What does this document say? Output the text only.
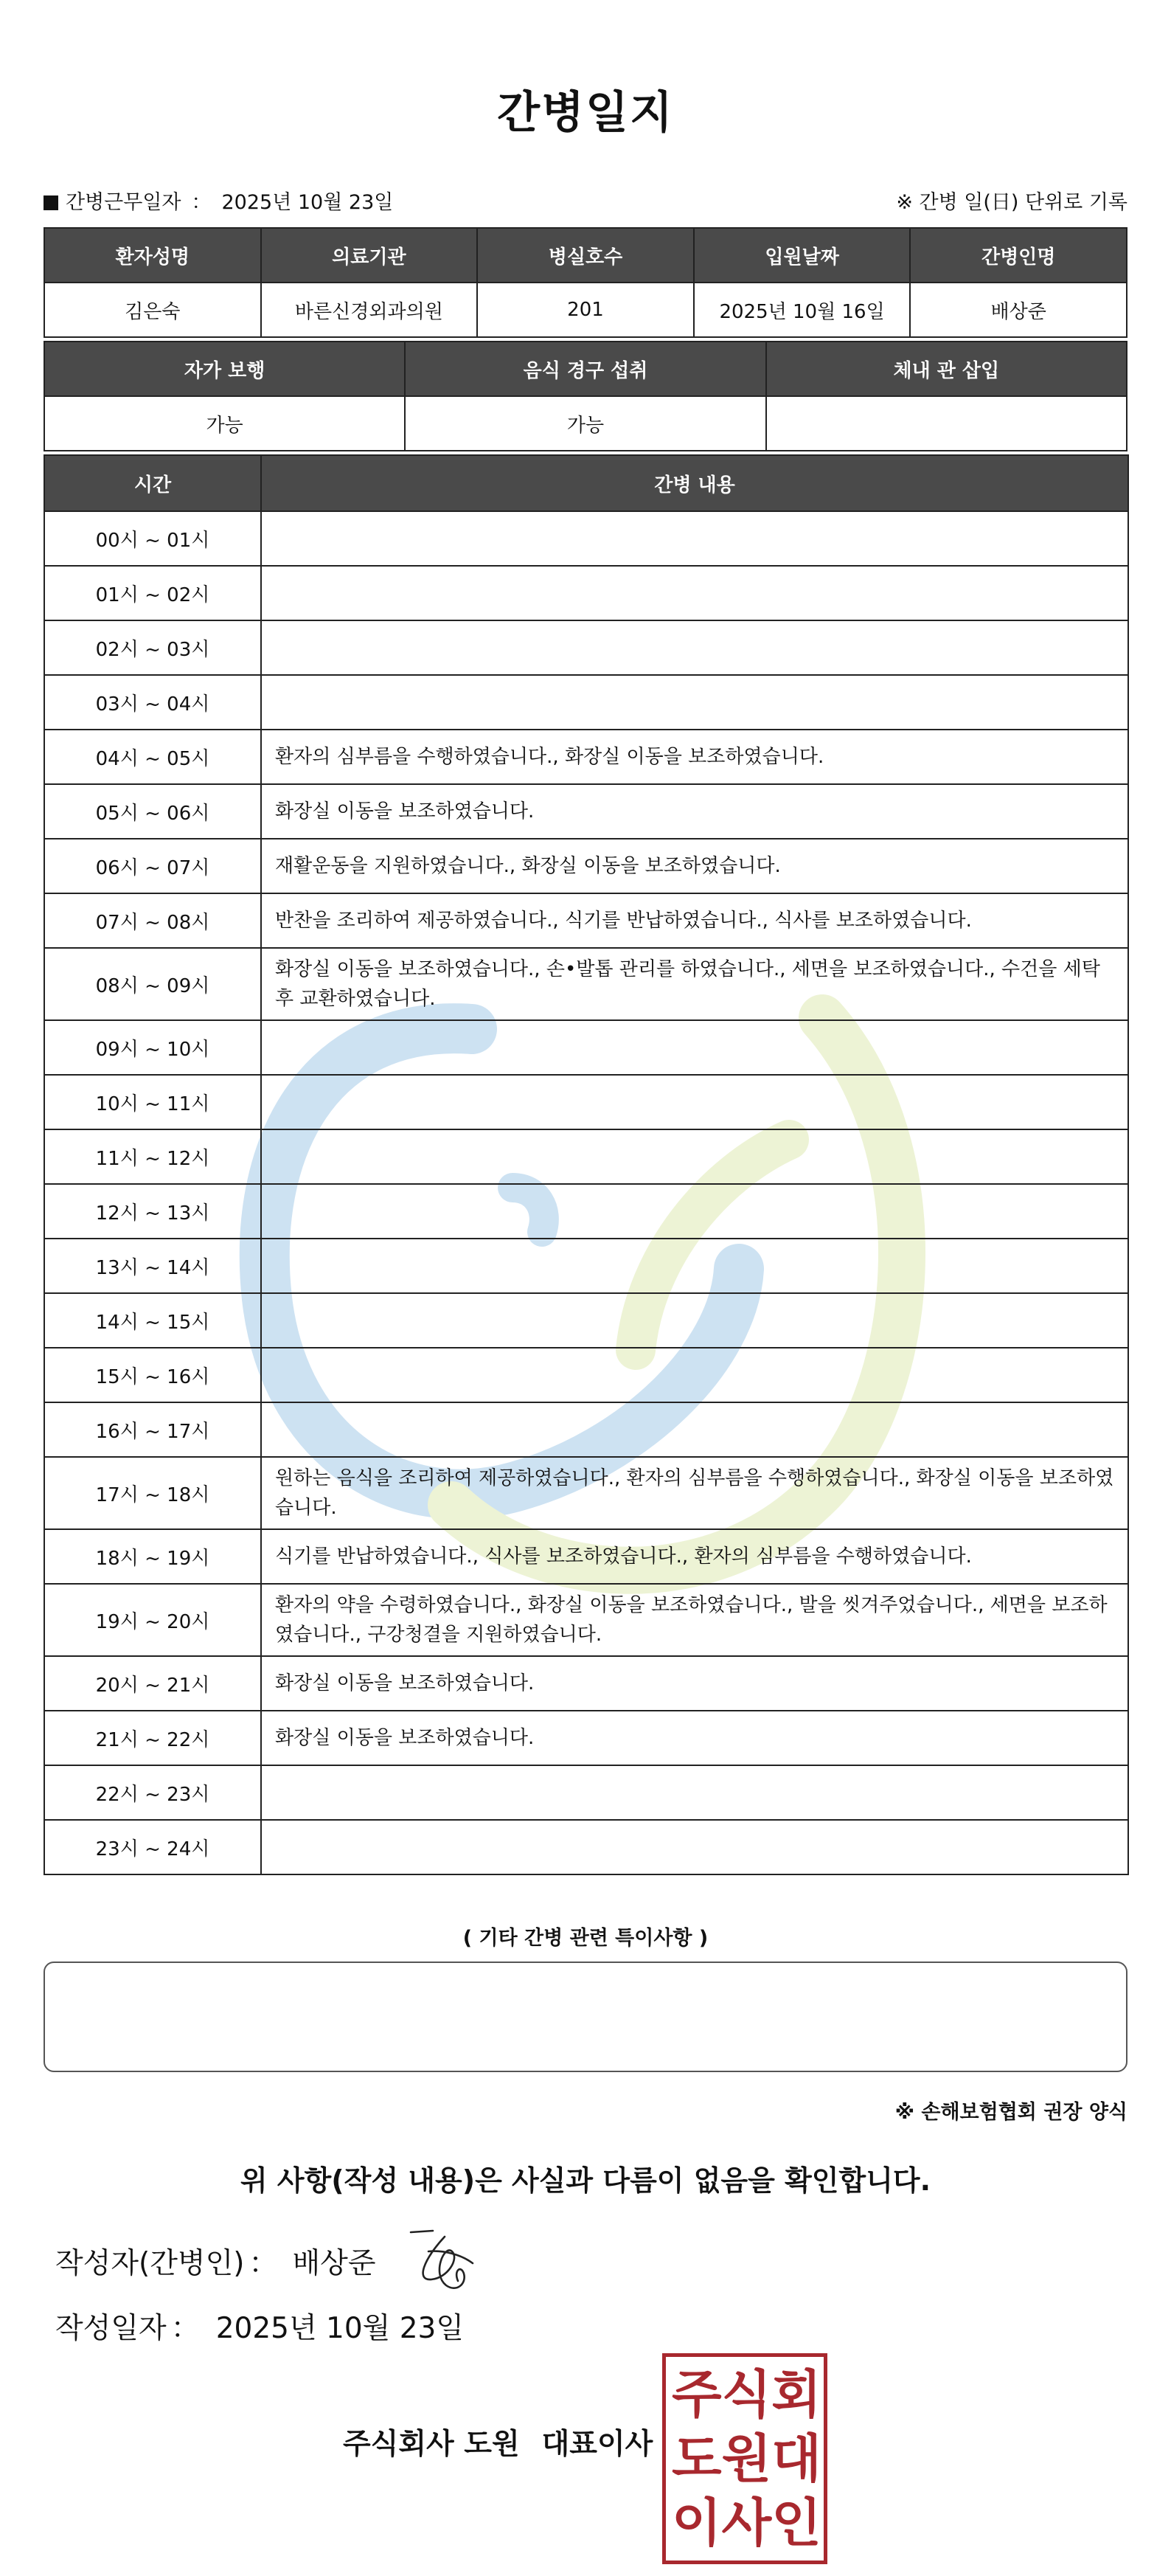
간병일지
간병근무일자 ： 2025년 10월 23일	※ 간병 일(日) 단위로 기록
환자성명	의료기관	병실호수	입원날짜	간병인명
김은숙	바른신경외과의원	201	2025년 10월 16일	배상준
자가 보행	음식 경구 섭취	체내 관 삽입
가능	가능	
시간	간병 내용
00시 ~ 01시	
01시 ~ 02시	
02시 ~ 03시	
03시 ~ 04시	
04시 ~ 05시	환자의 심부름을 수행하였습니다., 화장실 이동을 보조하였습니다.
05시 ~ 06시	화장실 이동을 보조하였습니다.
06시 ~ 07시	재활운동을 지원하였습니다., 화장실 이동을 보조하였습니다.
07시 ~ 08시	반찬을 조리하여 제공하였습니다., 식기를 반납하였습니다., 식사를 보조하였습니다.
08시 ~ 09시	화장실 이동을 보조하였습니다., 손•발톱 관리를 하였습니다., 세면을 보조하였습니다., 수건을 세탁 후 교환하였습니다.
09시 ~ 10시	
10시 ~ 11시	
11시 ~ 12시	
12시 ~ 13시	
13시 ~ 14시	
14시 ~ 15시	
15시 ~ 16시	
16시 ~ 17시	
17시 ~ 18시	원하는 음식을 조리하여 제공하였습니다., 환자의 심부름을 수행하였습니다., 화장실 이동을 보조하였습니다.
18시 ~ 19시	식기를 반납하였습니다., 식사를 보조하였습니다., 환자의 심부름을 수행하였습니다.
19시 ~ 20시	환자의 약을 수령하였습니다., 화장실 이동을 보조하였습니다., 발을 씻겨주었습니다., 세면을 보조하였습니다., 구강청결을 지원하였습니다.
20시 ~ 21시	화장실 이동을 보조하였습니다.
21시 ~ 22시	화장실 이동을 보조하였습니다.
22시 ~ 23시	
23시 ~ 24시	
( 기타 간병 관련 특이사항 )
※ 손해보험협회 권장 양식
위 사항(작성 내용)은 사실과 다름이 없음을 확인합니다.
작성자(간병인) ： 배상준
작성일자 ： 2025년 10월 23일
주식회사 도원 대표이사
주 식 회
도 원 대
이 사 인
